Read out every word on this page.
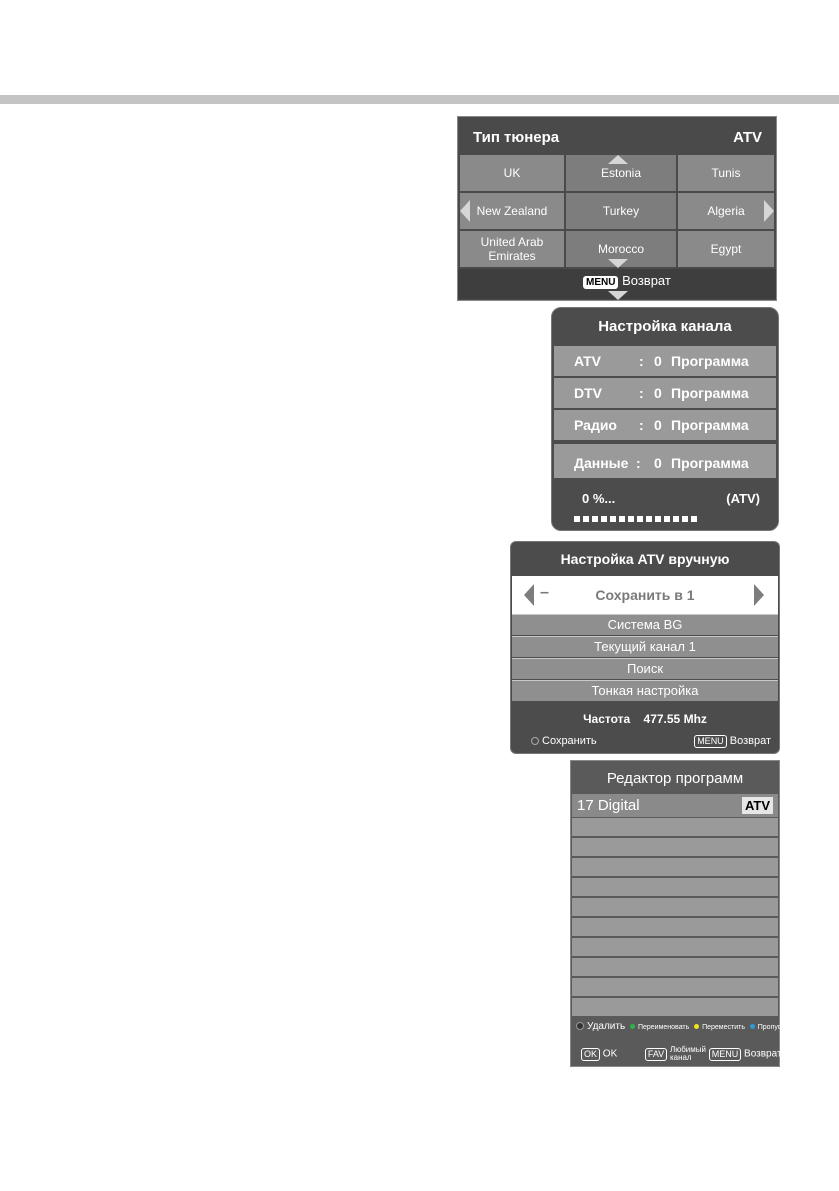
Тип тюнера	ATV
UK	Estonia	Tunis
New Zealand	Turkey	Algeria
United Arab Emirates	Morocco	Egypt
MENU Возврат
Настройка канала
ATV	: 0 Программа
DTV	: 0 Программа
Радио : 0 Программа
Данные : 0 Программа
0 %...	(ATV)
Настройка ATV вручную
–	Сохранить в 1
Система BG
Текущий канал 1
Поиск
Тонкая настройка
Частота 477.55 Mhz
Сохранить	MENU Возврат
Редактор программ
17 Digital	ATV
Удалить Переименовать Переместить Пропустить
OK OK	FAV Любимый
канал MENU Возврат
